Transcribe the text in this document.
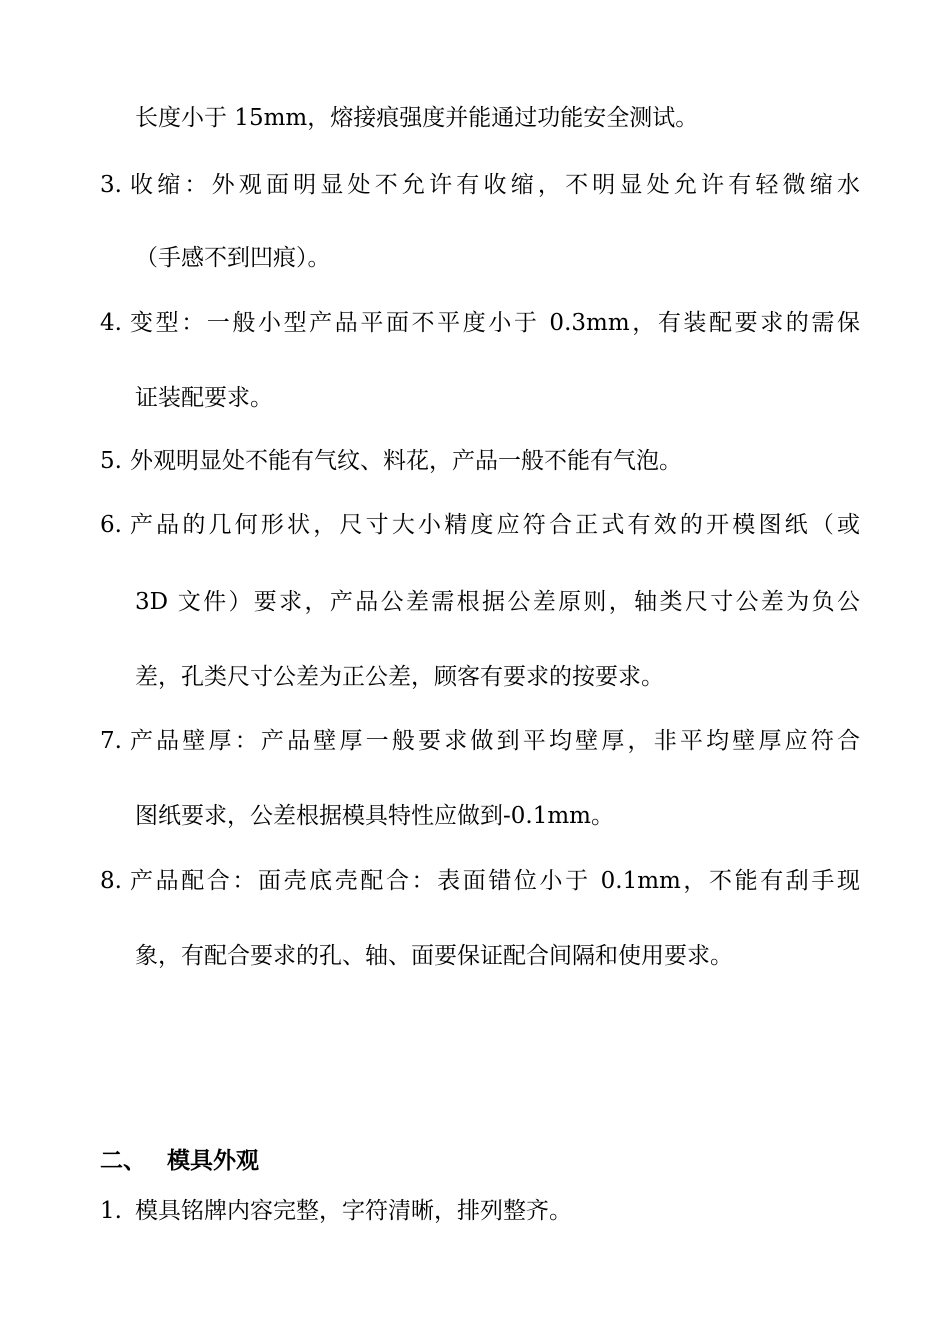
长度小于 15mm，熔接痕强度并能通过功能安全测试。
3. 收缩：外观面明显处不允许有收缩，不明显处允许有轻微缩水
（手感不到凹痕）。
4. 变型：一般小型产品平面不平度小于 0.3mm，有装配要求的需保
证装配要求。
5. 外观明显处不能有气纹、料花，产品一般不能有气泡。
6. 产品的几何形状，尺寸大小精度应符合正式有效的开模图纸（或
3D 文件）要求，产品公差需根据公差原则，轴类尺寸公差为负公
差，孔类尺寸公差为正公差，顾客有要求的按要求。
7. 产品壁厚：产品壁厚一般要求做到平均壁厚，非平均壁厚应符合
图纸要求，公差根据模具特性应做到-0.1mm。
8. 产品配合：面壳底壳配合：表面错位小于 0.1mm，不能有刮手现
象，有配合要求的孔、轴、面要保证配合间隔和使用要求。
二、 模具外观
1. 模具铭牌内容完整，字符清晰，排列整齐。
